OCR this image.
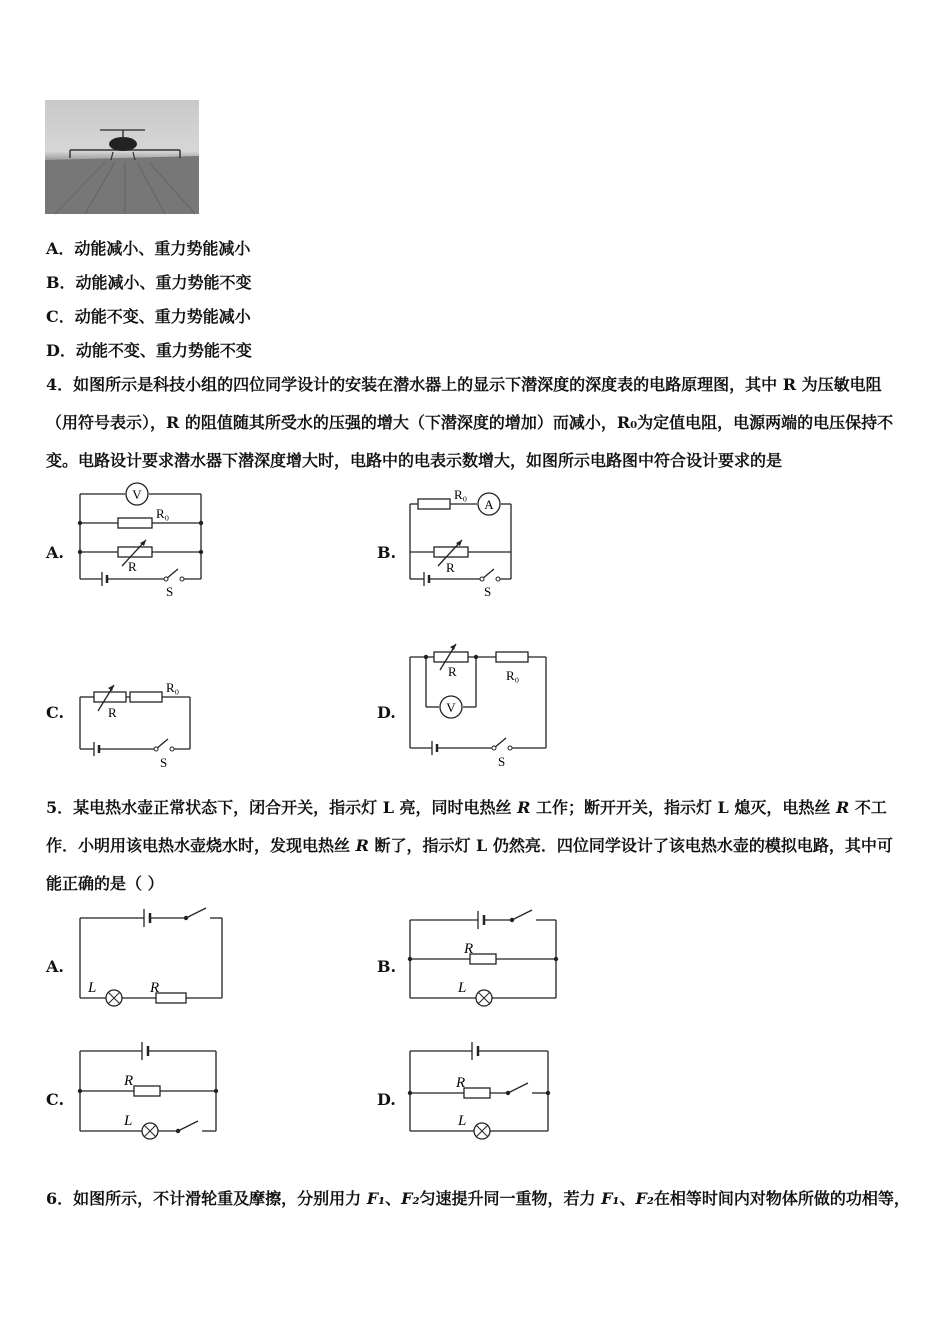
A．动能减小、重力势能减小
B．动能减小、重力势能不变
C．动能不变、重力势能减小
D．动能不变、重力势能不变
4．如图所示是科技小组的四位同学设计的安装在潜水器上的显示下潜深度的深度表的电路原理图，其中 R 为压敏电阻（用符号表示），R 的阻值随其所受水的压强的增大（下潜深度的增加）而减小，R₀为定值电阻，电源两端的电压保持不变。电路设计要求潜水器下潜深度增大时，电路中的电表示数增大，如图所示电路图中符合设计要求的是
A.	B.
C.	D.
V
R₀
R
S
A
R₀
R
S
R₀
R
S
V
R	R₀
S
5．某电热水壶正常状态下，闭合开关，指示灯 L 亮，同时电热丝 R 工作；断开开关，指示灯 L 熄灭，电热丝 R 不工作．小明用该电热水壶烧水时，发现电热丝 R 断了，指示灯 L 仍然亮．四位同学设计了该电热水壶的模拟电路，其中可能正确的是（ ）
A.	B.
C.	D.
L	R
R
L
R
L
R
L
6．如图所示，不计滑轮重及摩擦，分别用力 F₁、F₂匀速提升同一重物，若力 F₁、F₂在相等时间内对物体所做的功相等，
